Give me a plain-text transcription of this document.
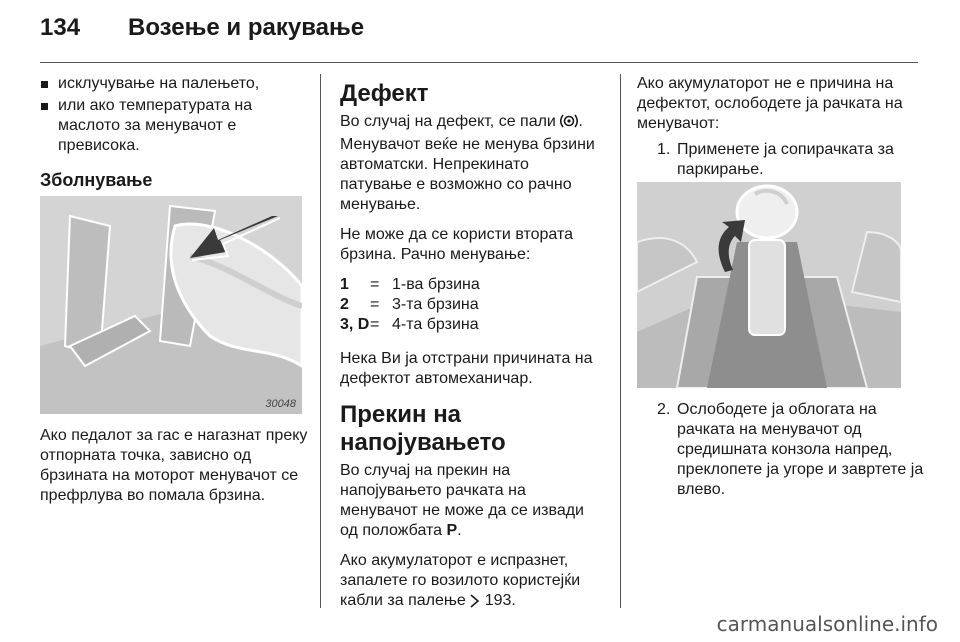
134 Возење и ракување
исклучување на палењето,
или ако температурата на маслото за менувачот е превисока.
Зболнување
30048

Ако педалот за гас е нагазнат преку отпорната точка, зависно од брзината на моторот менувачот се префрлува во помала брзина.

Дефект

Во случај на дефект, се пали . Менувачот веќе не менува брзини автоматски. Непрекинато патување е возможно со рачно менување.

Не може да се користи втората брзина. Рачно менување:

1	=	1-ва брзина
2	=	3-та брзина
3, D	=	4-та брзина

Нека Ви ја отстрани причината на дефектот автомеханичар.

Прекин на напојувањето

Во случај на прекин на напојувањето рачката на менувачот не може да се извади од положбата P.

Ако акумулаторот е испразнет, запалете го возилото користејќи кабли за палење 193.

Ако акумулаторот не е причина на дефектот, ослободете ја рачката на менувачот:

1. Применете ја сопирачката за паркирање.
2. Ослободете ја облогата на рачката на менувачот од средишната конзола напред, преклопете ја угоре и завртете ја влево.
carmanualsonline.info
